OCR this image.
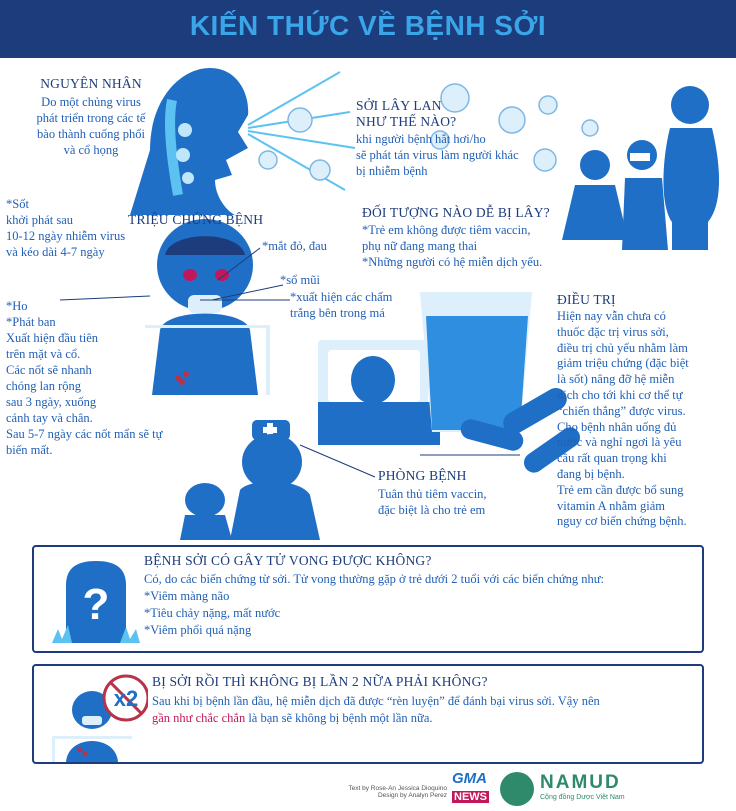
KIẾN THỨC VỀ BỆNH SỞI
NGUYÊN NHÂN
Do một chủng virus
phát triển trong các tế
bào thành cuống phổi
và cổ họng
SỞI LÂY LAN
NHƯ THẾ NÀO?
khi người bệnh hắt hơi/ho
sẽ phát tán virus làm người khác
bị nhiễm bệnh
ĐỐI TƯỢNG NÀO DỄ BỊ LÂY?
*Trẻ em không được tiêm vaccin,
phụ nữ đang mang thai
*Những người có hệ miễn dịch yếu.
TRIỆU CHỨNG BỆNH
*Sốt
khởi phát sau
10-12 ngày nhiễm virus
và kéo dài 4-7 ngày	*mắt đỏ, đau
*sổ mũi
*xuất hiện các chấm
trắng bên trong má
*Ho
*Phát ban
Xuất hiện đầu tiên
trên mặt và cổ.
Các nốt sẽ nhanh
chóng lan rộng
sau 3 ngày, xuống
cánh tay và chân.
Sau 5-7 ngày các nốt mẩn sẽ tự
biến mất.
ĐIỀU TRỊ
Hiện nay vẫn chưa có
thuốc đặc trị virus sởi,
điều trị chủ yếu nhằm làm
giảm triệu chứng (đặc biệt
là sốt) nâng đỡ hệ miễn
dịch cho tới khi cơ thể tự
“chiến thắng” được virus.
Cho bệnh nhân uống đủ
nước và nghỉ ngơi là yêu
cầu rất quan trọng khi
đang bị bệnh.
Trẻ em cần được bổ sung
vitamin A nhằm giảm
nguy cơ biến chứng bệnh.
PHÒNG BỆNH
Tuân thủ tiêm vaccin,
đặc biệt là cho trẻ em
?
BỆNH SỞI CÓ GÂY TỬ VONG ĐƯỢC KHÔNG?
Có, do các biến chứng từ sởi. Tử vong thường gặp ở trẻ dưới 2 tuổi với các biến chứng như:
*Viêm màng não
*Tiêu chảy nặng, mất nước
*Viêm phổi quá nặng
x2
BỊ SỞI RỒI THÌ KHÔNG BỊ LẦN 2 NỮA PHẢI KHÔNG?
Sau khi bị bệnh lần đầu, hệ miễn dịch đã được “rèn luyện” để đánh bại virus sởi. Vậy nên
gần như chắc chắn là bạn sẽ không bị bệnh một lần nữa.
Text by Rose-An Jessica Dioquino
Design by Analyn Perez
GMA
NEWS
NAMUD
Cộng đồng Dược Việt Nam
